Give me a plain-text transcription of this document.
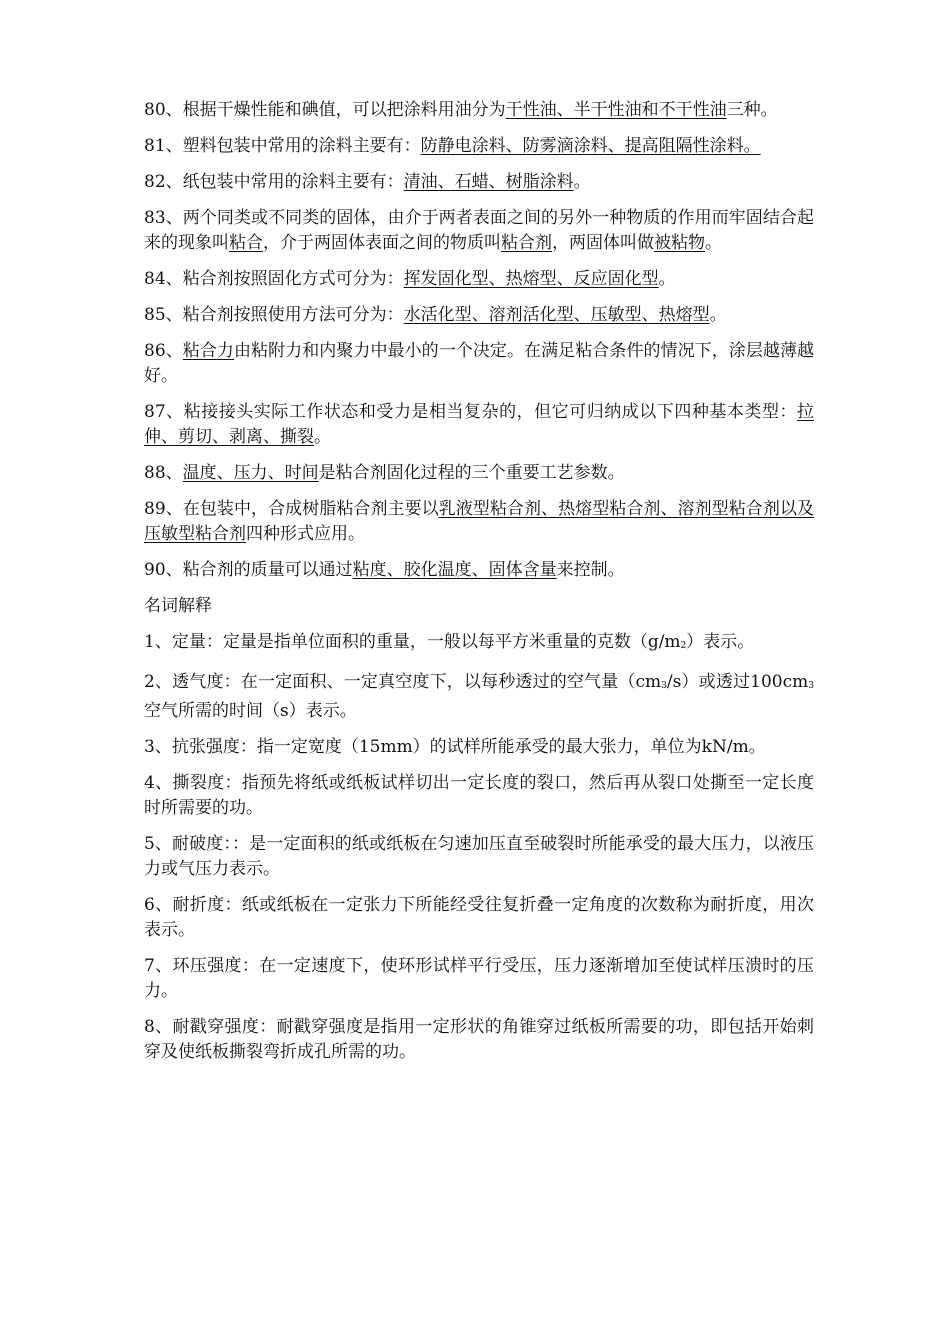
80、根据干燥性能和碘值，可以把涂料用油分为干性油、半干性油和不干性油三种。

81、塑料包装中常用的涂料主要有：防静电涂料、防雾滴涂料、提高阻隔性涂料。

82、纸包装中常用的涂料主要有：清油、石蜡、树脂涂料。

83、两个同类或不同类的固体，由介于两者表面之间的另外一种物质的作用而牢固结合起来的现象叫粘合，介于两固体表面之间的物质叫粘合剂，两固体叫做被粘物。

84、粘合剂按照固化方式可分为：挥发固化型、热熔型、反应固化型。

85、粘合剂按照使用方法可分为：水活化型、溶剂活化型、压敏型、热熔型。

86、粘合力由粘附力和内聚力中最小的一个决定。在满足粘合条件的情况下，涂层越薄越好。

87、粘接接头实际工作状态和受力是相当复杂的，但它可归纳成以下四种基本类型：拉伸、剪切、剥离、撕裂。

88、温度、压力、时间是粘合剂固化过程的三个重要工艺参数。

89、在包装中，合成树脂粘合剂主要以乳液型粘合剂、热熔型粘合剂、溶剂型粘合剂以及压敏型粘合剂四种形式应用。

90、粘合剂的质量可以通过粘度、胶化温度、固体含量来控制。

名词解释

1、定量：定量是指单位面积的重量，一般以每平方米重量的克数$(g/m_2)$表示。

2、透气度：在一定面积、一定真空度下，以每秒透过的空气量$(cm_3/s)$或透过$100cm_3$空气所需的时间（s）表示。

3、抗张强度：指一定宽度（15mm）的试样所能承受的最大张力，单位为kN/m。

4、撕裂度：指预先将纸或纸板试样切出一定长度的裂口，然后再从裂口处撕至一定长度时所需要的功。

5、耐破度：：是一定面积的纸或纸板在匀速加压直至破裂时所能承受的最大压力，以液压力或气压力表示。

6、耐折度：纸或纸板在一定张力下所能经受往复折叠一定角度的次数称为耐折度，用次表示。

7、环压强度：在一定速度下，使环形试样平行受压，压力逐渐增加至使试样压溃时的压力。

8、耐戳穿强度：耐戳穿强度是指用一定形状的角锥穿过纸板所需要的功，即包括开始刺穿及使纸板撕裂弯折成孔所需的功。
